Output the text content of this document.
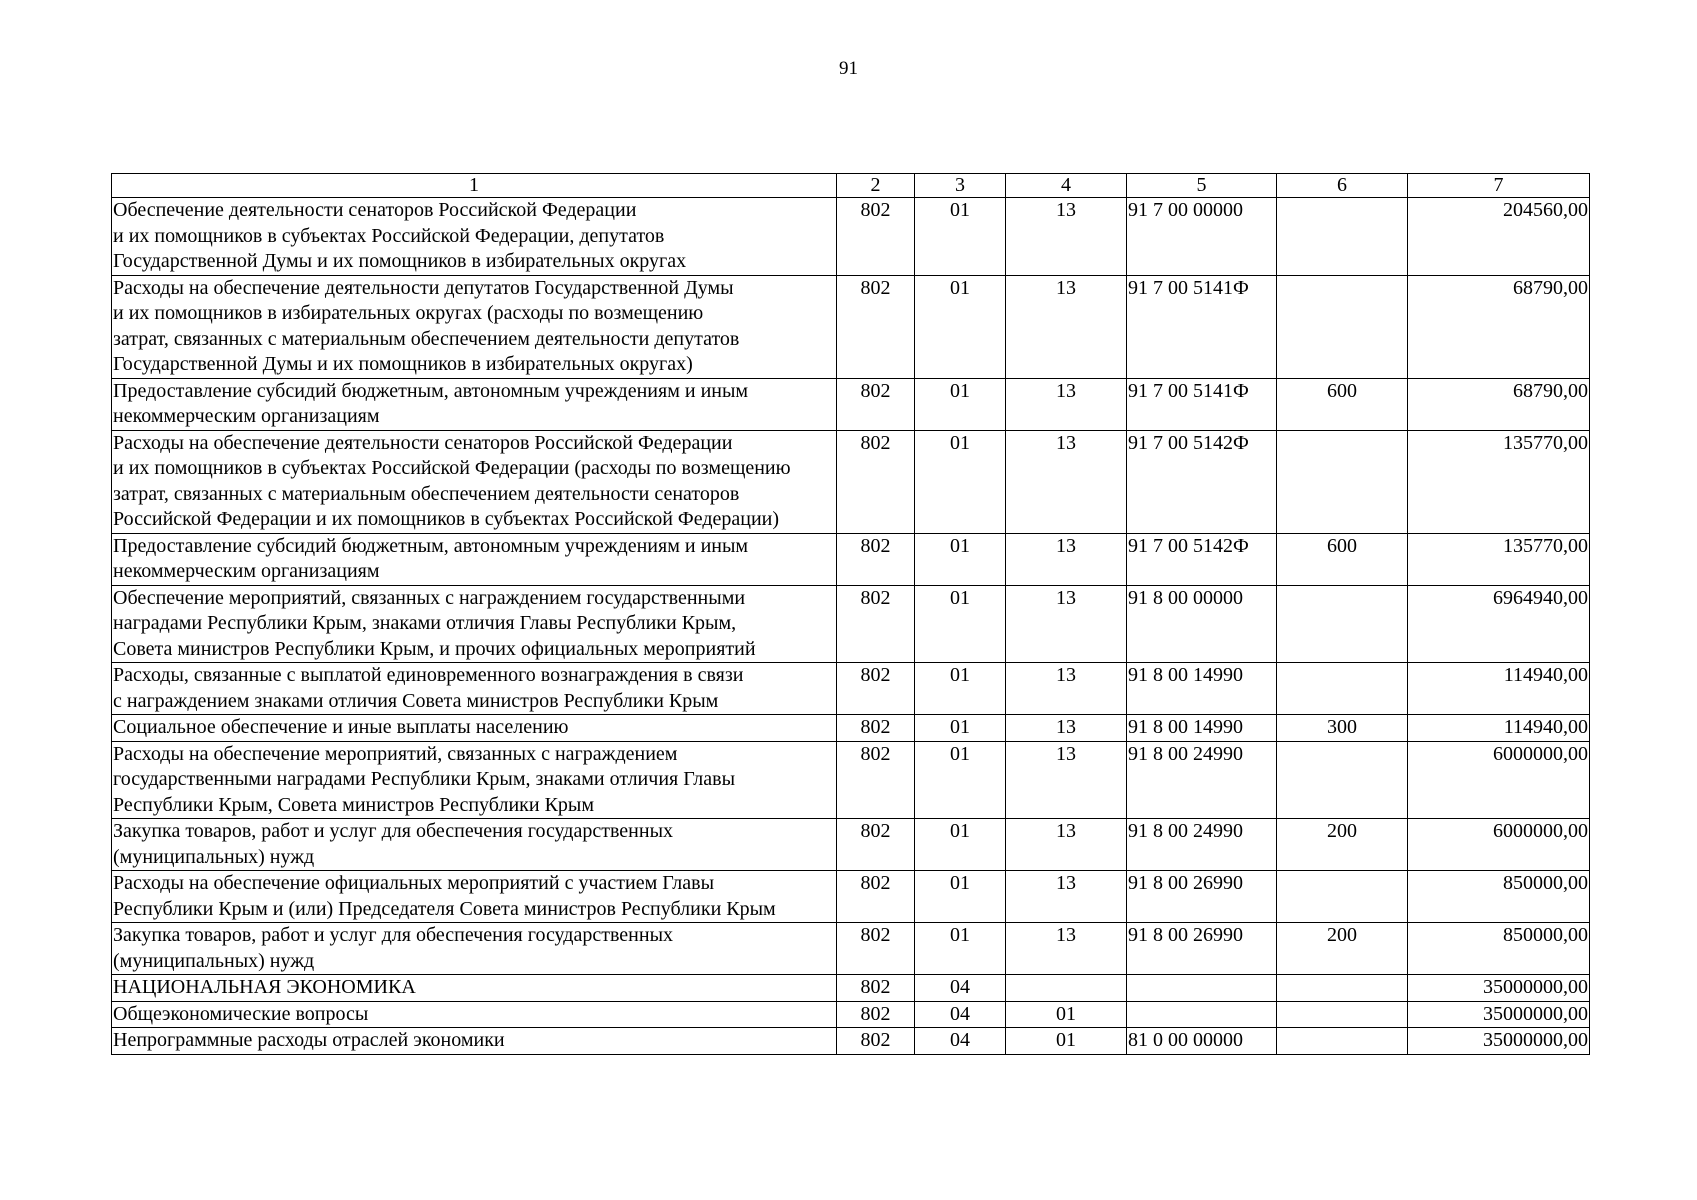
91
1	2	3	4	5	6	7
Обеспечение деятельности сенаторов Российской Федерации
и их помощников в субъектах Российской Федерации, депутатов
Государственной Думы и их помощников в избирательных округах	802	01	13	91 7 00 00000		204560,00
Расходы на обеспечение деятельности депутатов Государственной Думы
и их помощников в избирательных округах (расходы по возмещению
затрат, связанных с материальным обеспечением деятельности депутатов
Государственной Думы и их помощников в избирательных округах)	802	01	13	91 7 00 5141Ф		68790,00
Предоставление субсидий бюджетным, автономным учреждениям и иным
некоммерческим организациям	802	01	13	91 7 00 5141Ф	600	68790,00
Расходы на обеспечение деятельности сенаторов Российской Федерации
и их помощников в субъектах Российской Федерации (расходы по возмещению
затрат, связанных с материальным обеспечением деятельности сенаторов
Российской Федерации и их помощников в субъектах Российской Федерации)	802	01	13	91 7 00 5142Ф		135770,00
Предоставление субсидий бюджетным, автономным учреждениям и иным
некоммерческим организациям	802	01	13	91 7 00 5142Ф	600	135770,00
Обеспечение мероприятий, связанных с награждением государственными
наградами Республики Крым, знаками отличия Главы Республики Крым,
Совета министров Республики Крым, и прочих официальных мероприятий	802	01	13	91 8 00 00000		6964940,00
Расходы, связанные с выплатой единовременного вознаграждения в связи
с награждением знаками отличия Совета министров Республики Крым	802	01	13	91 8 00 14990		114940,00
Социальное обеспечение и иные выплаты населению	802	01	13	91 8 00 14990	300	114940,00
Расходы на обеспечение мероприятий, связанных с награждением
государственными наградами Республики Крым, знаками отличия Главы
Республики Крым, Совета министров Республики Крым	802	01	13	91 8 00 24990		6000000,00
Закупка товаров, работ и услуг для обеспечения государственных
(муниципальных) нужд	802	01	13	91 8 00 24990	200	6000000,00
Расходы на обеспечение официальных мероприятий с участием Главы
Республики Крым и (или) Председателя Совета министров Республики Крым	802	01	13	91 8 00 26990		850000,00
Закупка товаров, работ и услуг для обеспечения государственных
(муниципальных) нужд	802	01	13	91 8 00 26990	200	850000,00
НАЦИОНАЛЬНАЯ ЭКОНОМИКА	802	04				35000000,00
Общеэкономические вопросы	802	04	01			35000000,00
Непрограммные расходы отраслей экономики	802	04	01	81 0 00 00000		35000000,00
